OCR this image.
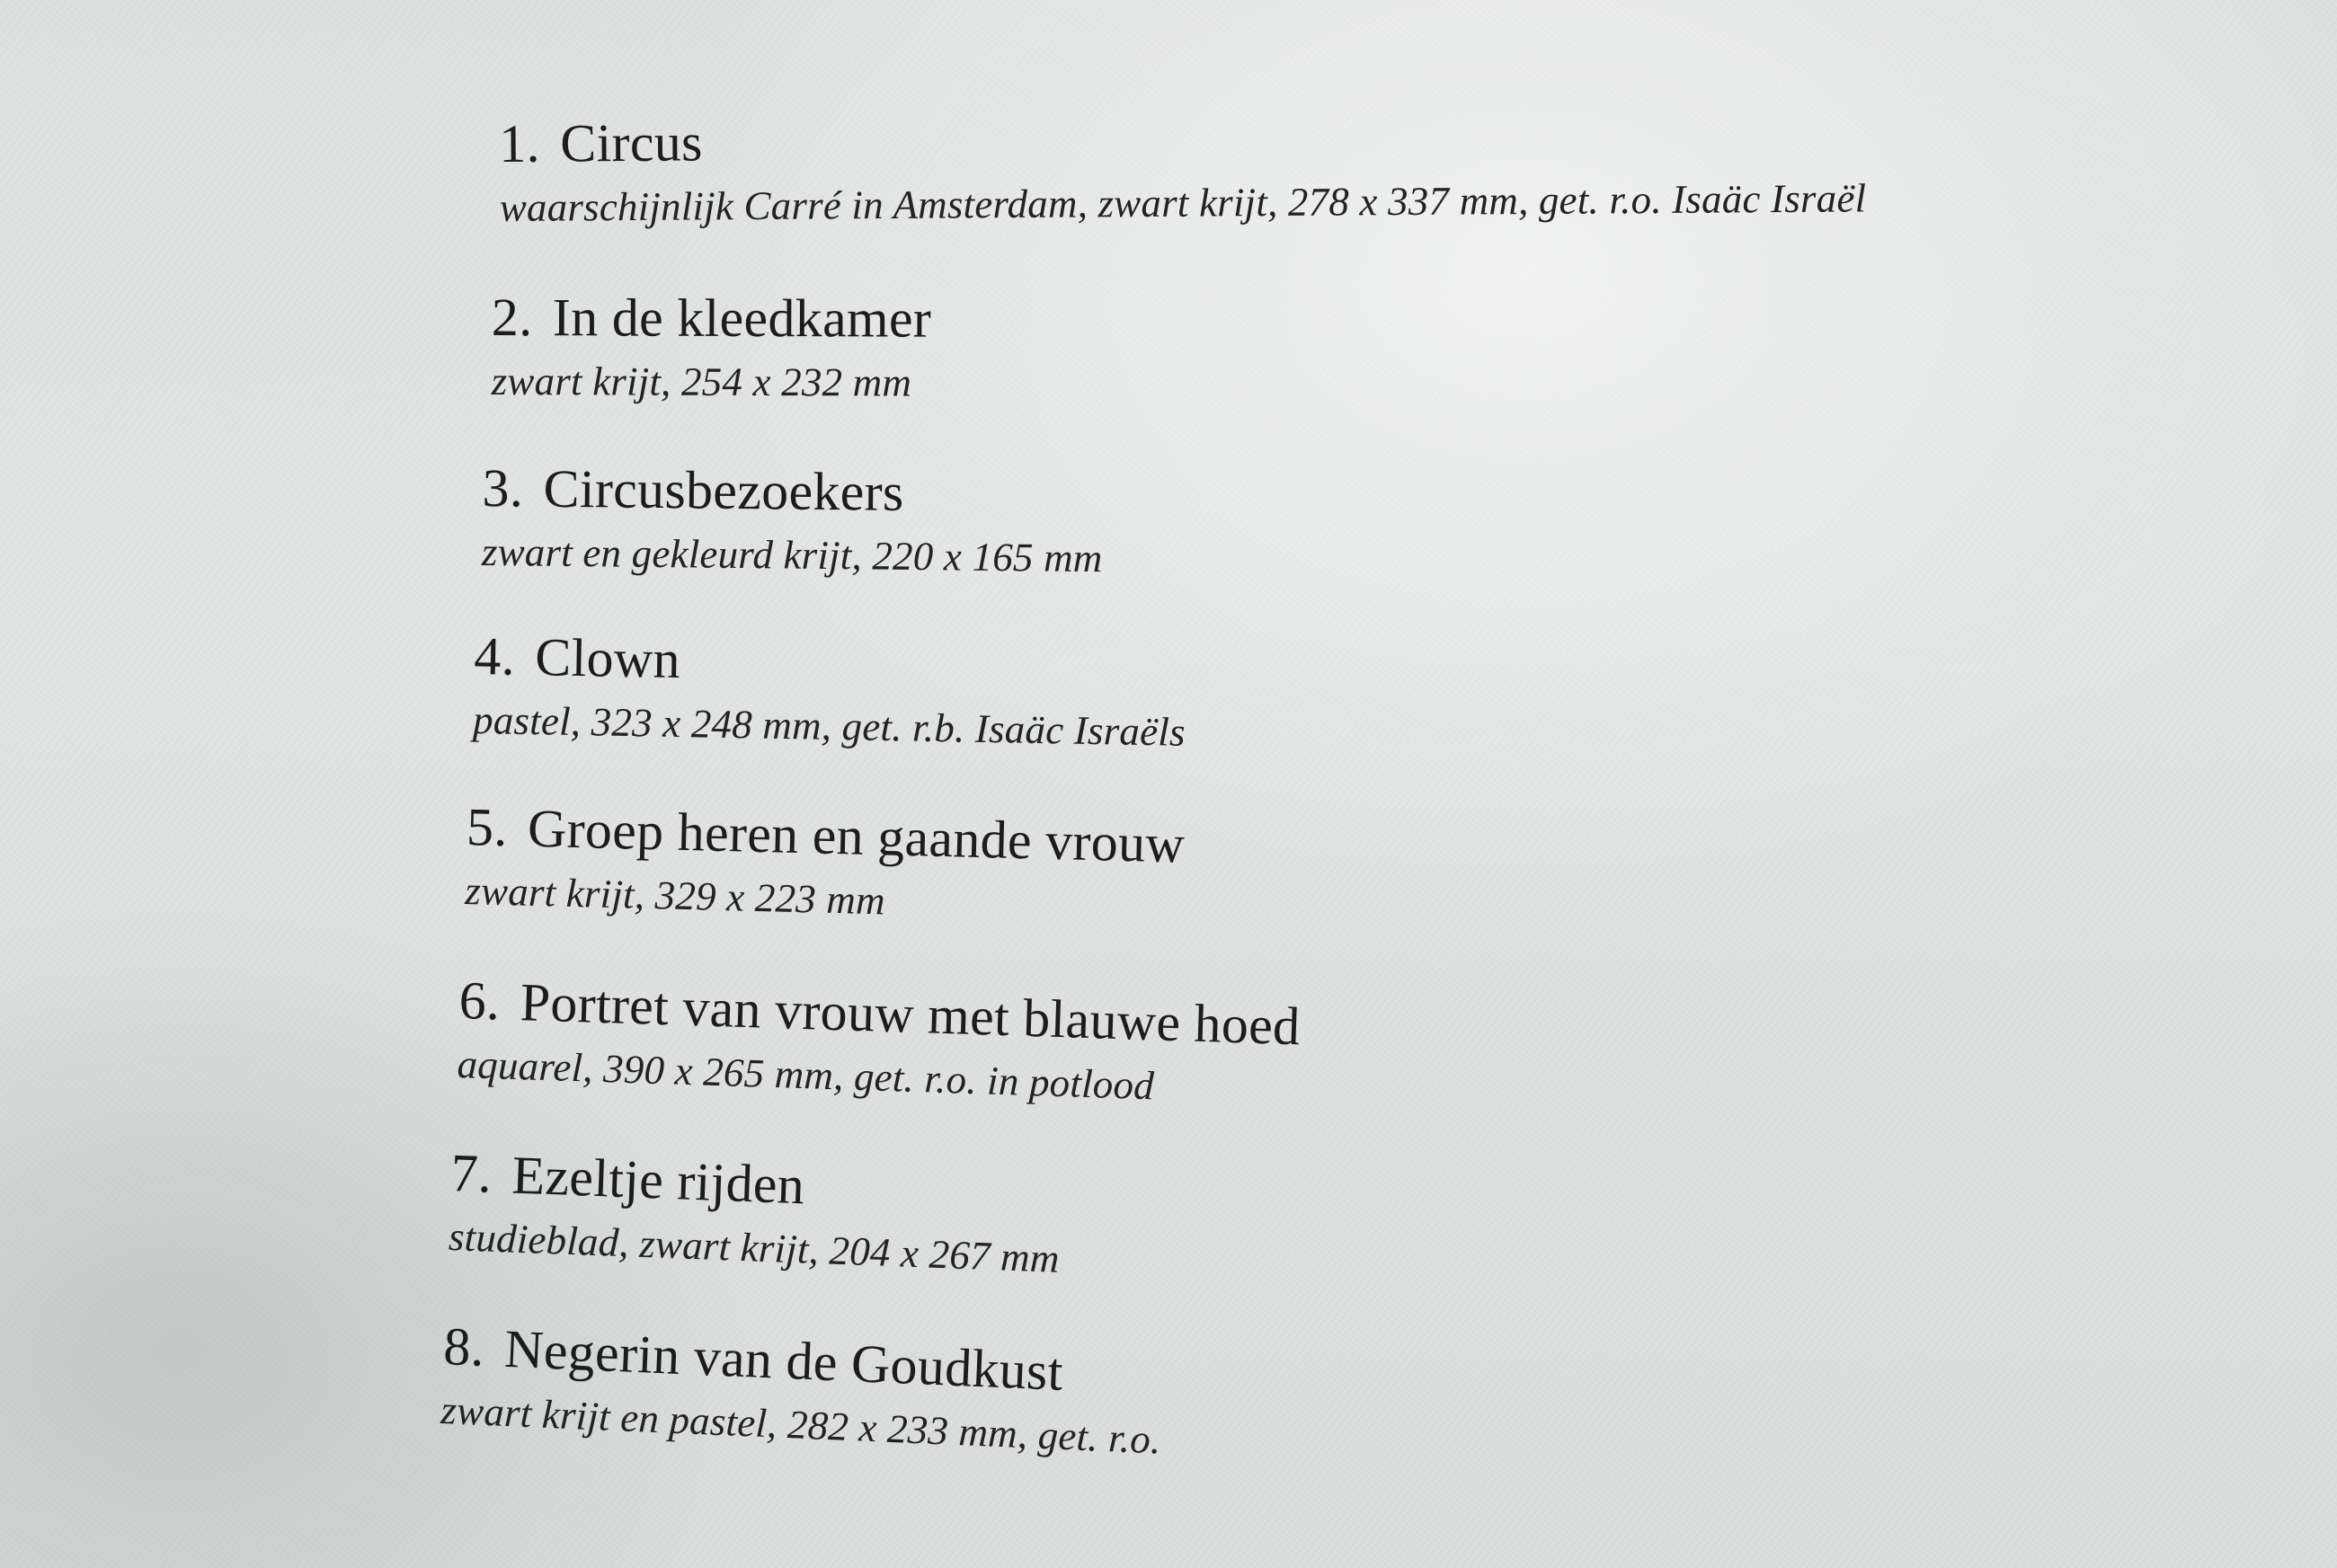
1. Circus
waarschijnlijk Carré in Amsterdam, zwart krijt, 278 x 337 mm, get. r.o. Isaäc Israël
2. In de kleedkamer
zwart krijt, 254 x 232 mm
3. Circusbezoekers
zwart en gekleurd krijt, 220 x 165 mm
4. Clown
pastel, 323 x 248 mm, get. r.b. Isaäc Israëls
5. Groep heren en gaande vrouw
zwart krijt, 329 x 223 mm
6. Portret van vrouw met blauwe hoed
aquarel, 390 x 265 mm, get. r.o. in potlood
7. Ezeltje rijden
studieblad, zwart krijt, 204 x 267 mm
8. Negerin van de Goudkust
zwart krijt en pastel, 282 x 233 mm, get. r.o.
